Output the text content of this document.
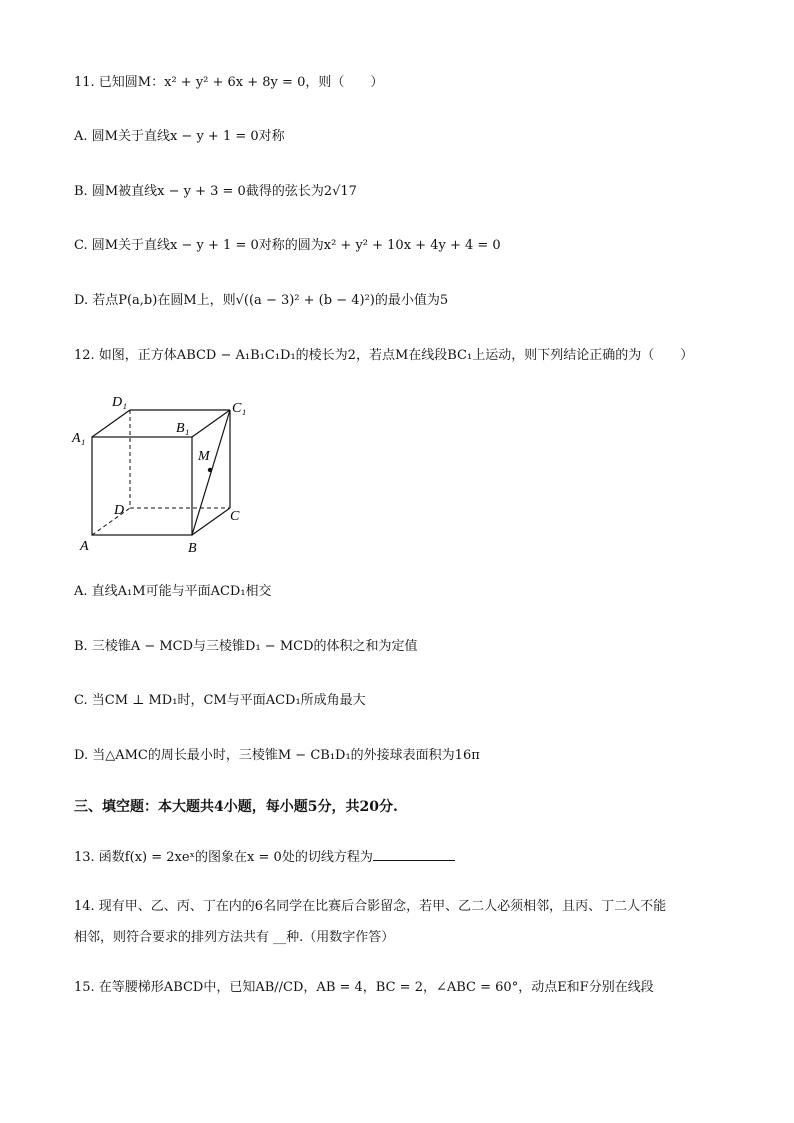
11. 已知圆M：x² + y² + 6x + 8y = 0，则（　　）
A. 圆M关于直线x − y + 1 = 0对称
B. 圆M被直线x − y + 3 = 0截得的弦长为2√17
C. 圆M关于直线x − y + 1 = 0对称的圆为x² + y² + 10x + 4y + 4 = 0
D. 若点P(a,b)在圆M上，则√((a − 3)² + (b − 4)²)的最小值为5
12. 如图，正方体ABCD − A₁B₁C₁D₁的棱长为2，若点M在线段BC₁上运动，则下列结论正确的为（　　）
D₁	C₁
A₁
B₁
M
D	C
A	B
A. 直线A₁M可能与平面ACD₁相交
B. 三棱锥A − MCD与三棱锥D₁ − MCD的体积之和为定值
C. 当CM ⊥ MD₁时，CM与平面ACD₁所成角最大
D. 当△AMC的周长最小时，三棱锥M − CB₁D₁的外接球表面积为16π
三、填空题：本大题共4小题，每小题5分，共20分.
13. 函数f(x) = 2xeˣ的图象在x = 0处的切线方程为
14. 现有甲、乙、丙、丁在内的6名同学在比赛后合影留念，若甲、乙二人必须相邻，且丙、丁二人不能
相邻，则符合要求的排列方法共有 __种.（用数字作答）
15. 在等腰梯形ABCD中，已知AB//CD，AB = 4，BC = 2，∠ABC = 60°，动点E和F分别在线段
